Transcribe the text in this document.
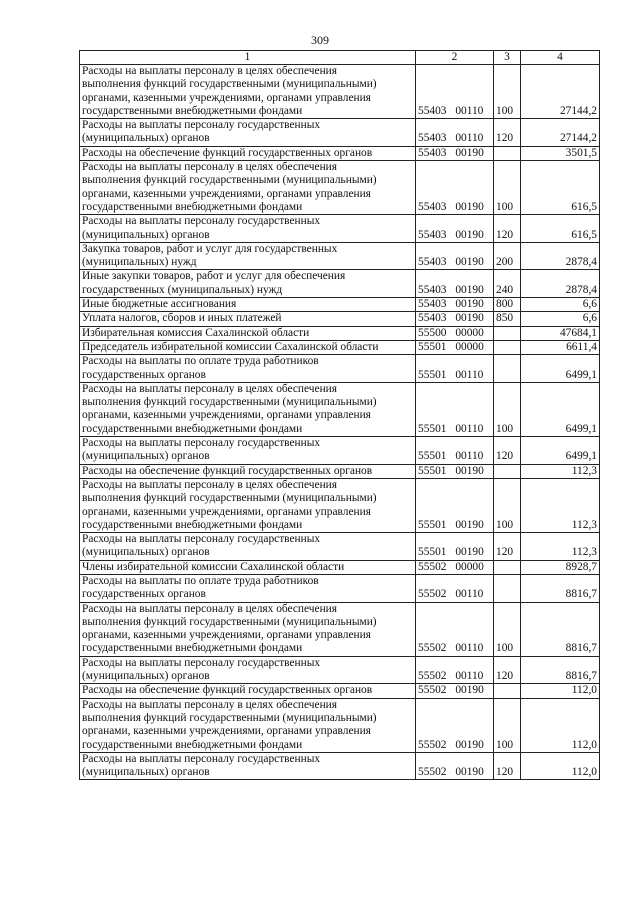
309
1	2	3	4
Расходы на выплаты персоналу в целях обеспечения
выполнения функций государственными (муниципальными)
органами, казенными учреждениями, органами управления
государственными внебюджетными фондами	55403 00110	100	27144,2
Расходы на выплаты персоналу государственных
(муниципальных) органов	55403 00110	120	27144,2
Расходы на обеспечение функций государственных органов	55403 00190		3501,5
Расходы на выплаты персоналу в целях обеспечения
выполнения функций государственными (муниципальными)
органами, казенными учреждениями, органами управления
государственными внебюджетными фондами	55403 00190	100	616,5
Расходы на выплаты персоналу государственных
(муниципальных) органов	55403 00190	120	616,5
Закупка товаров, работ и услуг для государственных
(муниципальных) нужд	55403 00190	200	2878,4
Иные закупки товаров, работ и услуг для обеспечения
государственных (муниципальных) нужд	55403 00190	240	2878,4
Иные бюджетные ассигнования	55403 00190	800	6,6
Уплата налогов, сборов и иных платежей	55403 00190	850	6,6
Избирательная комиссия Сахалинской области	55500 00000		47684,1
Председатель избирательной комиссии Сахалинской области	55501 00000		6611,4
Расходы на выплаты по оплате труда работников
государственных органов	55501 00110		6499,1
Расходы на выплаты персоналу в целях обеспечения
выполнения функций государственными (муниципальными)
органами, казенными учреждениями, органами управления
государственными внебюджетными фондами	55501 00110	100	6499,1
Расходы на выплаты персоналу государственных
(муниципальных) органов	55501 00110	120	6499,1
Расходы на обеспечение функций государственных органов	55501 00190		112,3
Расходы на выплаты персоналу в целях обеспечения
выполнения функций государственными (муниципальными)
органами, казенными учреждениями, органами управления
государственными внебюджетными фондами	55501 00190	100	112,3
Расходы на выплаты персоналу государственных
(муниципальных) органов	55501 00190	120	112,3
Члены избирательной комиссии Сахалинской области	55502 00000		8928,7
Расходы на выплаты по оплате труда работников
государственных органов	55502 00110		8816,7
Расходы на выплаты персоналу в целях обеспечения
выполнения функций государственными (муниципальными)
органами, казенными учреждениями, органами управления
государственными внебюджетными фондами	55502 00110	100	8816,7
Расходы на выплаты персоналу государственных
(муниципальных) органов	55502 00110	120	8816,7
Расходы на обеспечение функций государственных органов	55502 00190		112,0
Расходы на выплаты персоналу в целях обеспечения
выполнения функций государственными (муниципальными)
органами, казенными учреждениями, органами управления
государственными внебюджетными фондами	55502 00190	100	112,0
Расходы на выплаты персоналу государственных
(муниципальных) органов	55502 00190	120	112,0
